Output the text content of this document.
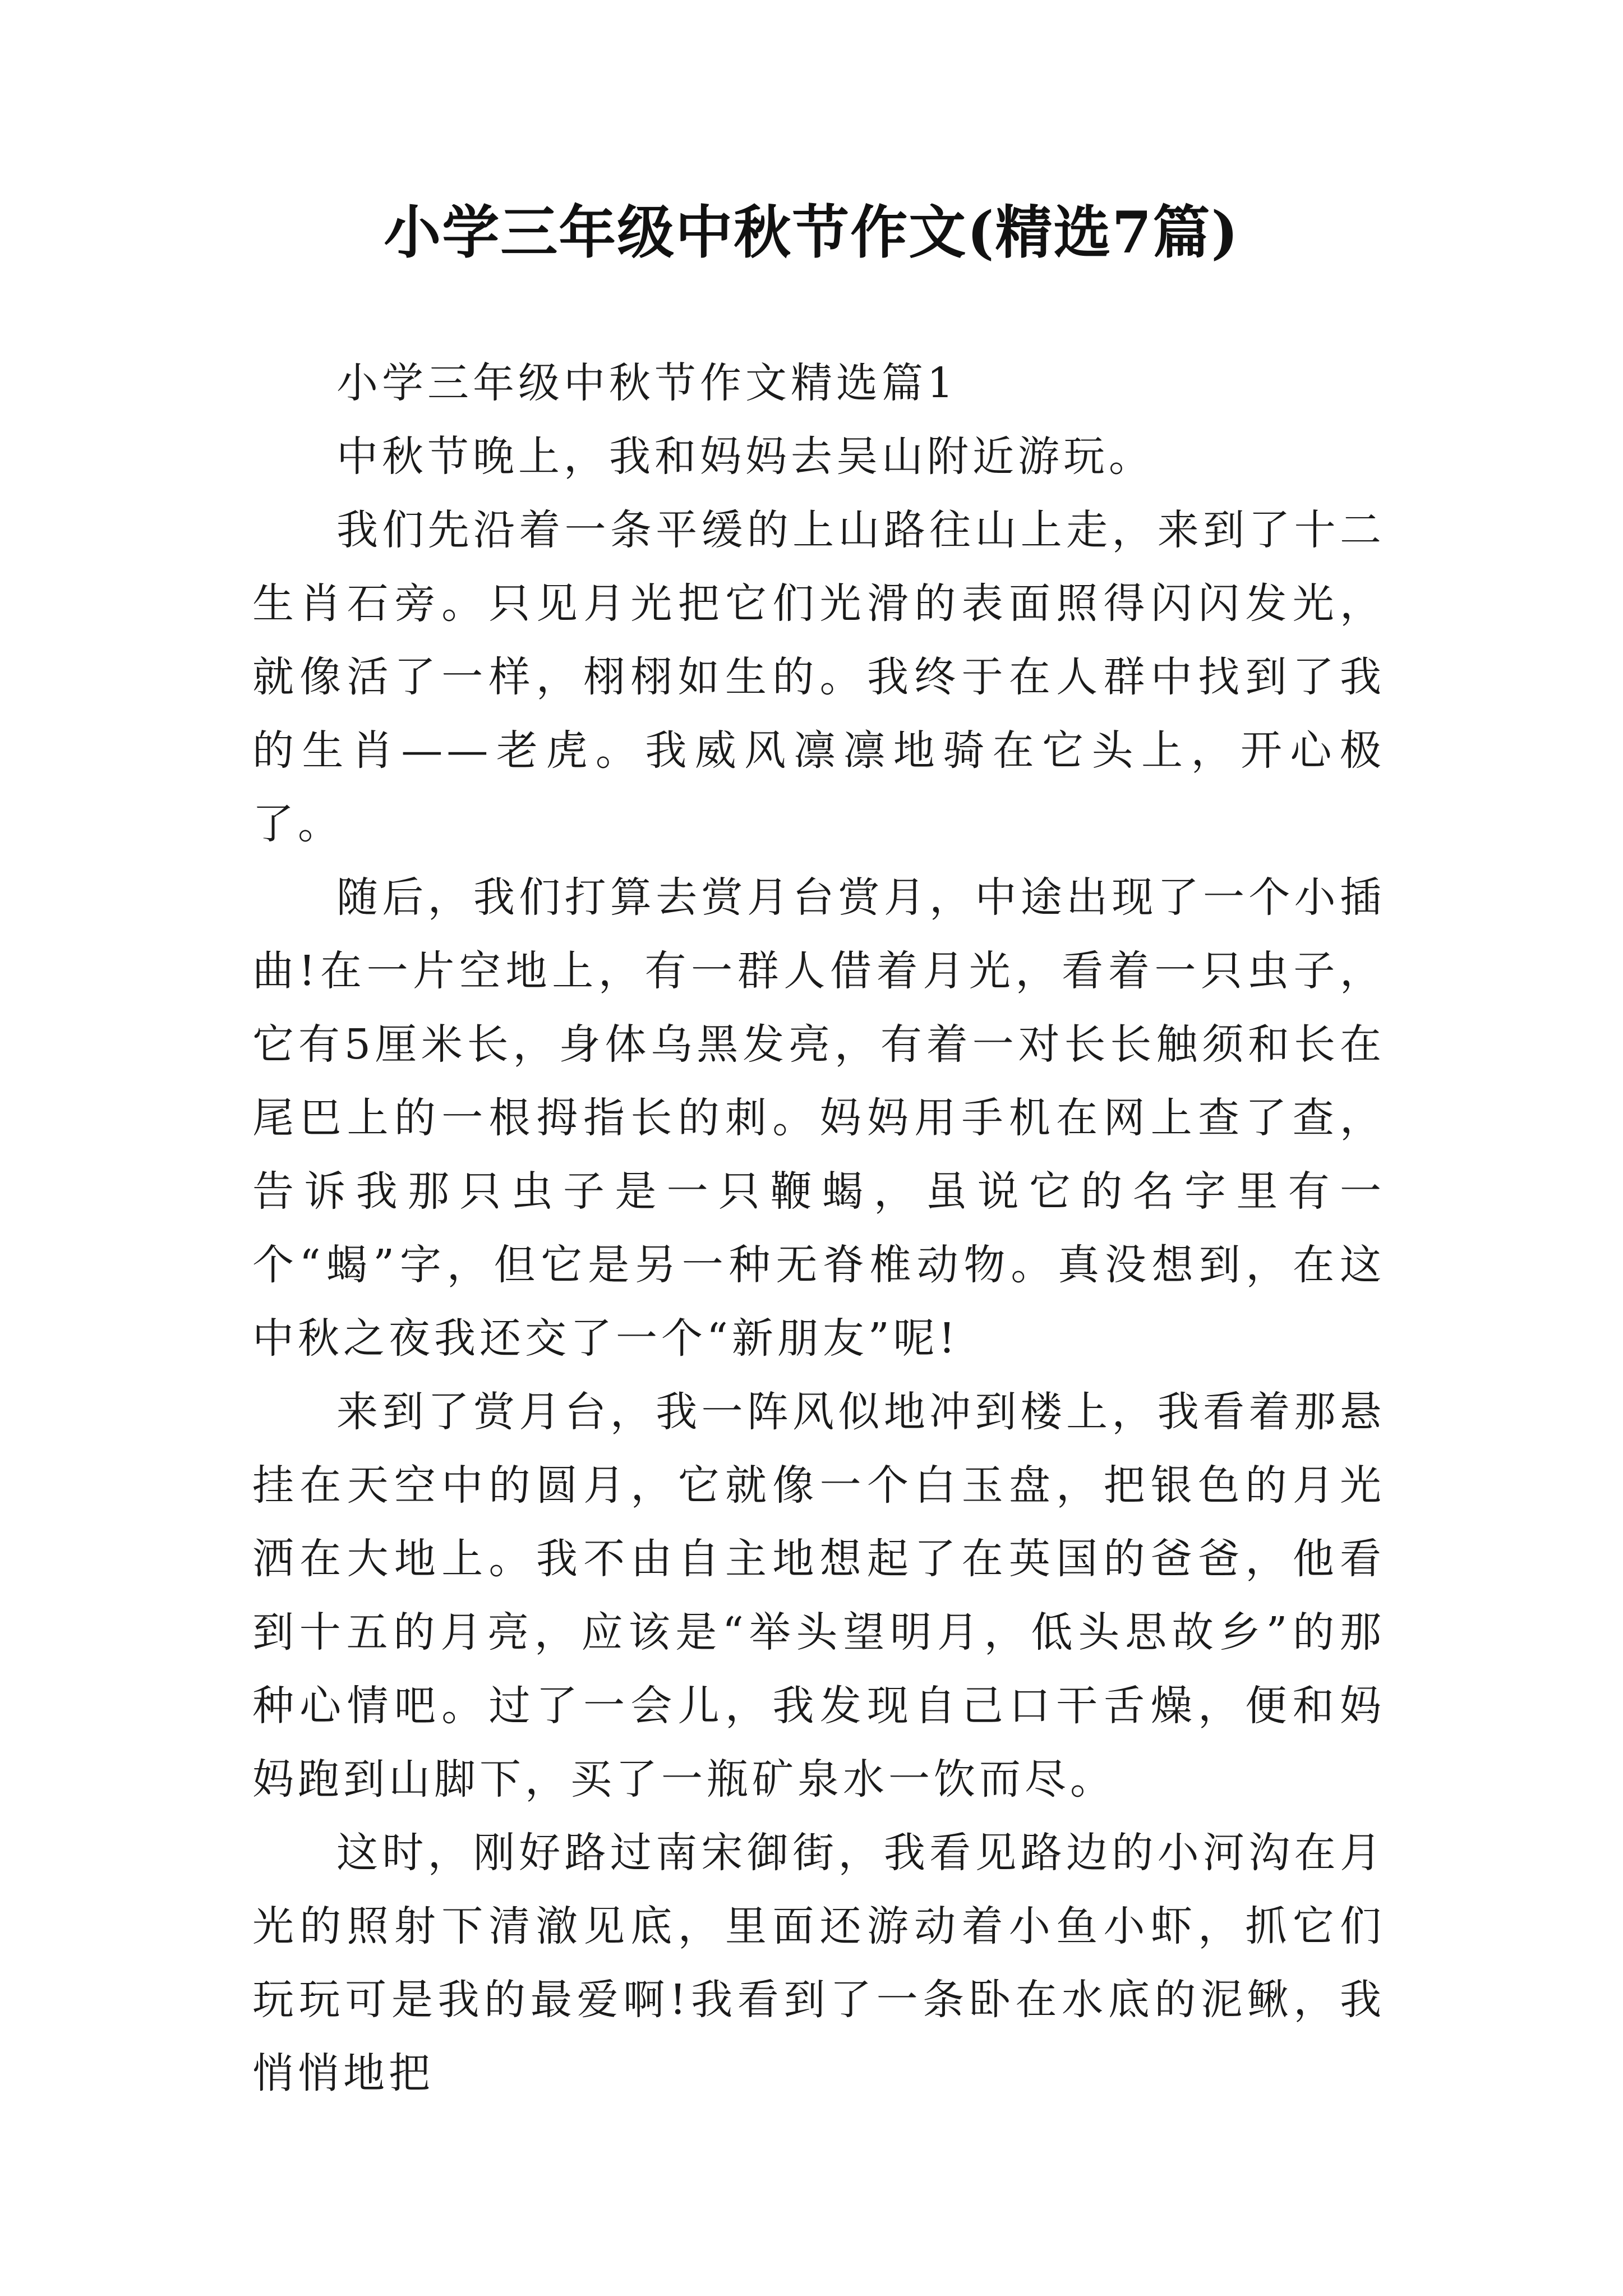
小学三年级中秋节作文(精选7篇)

小学三年级中秋节作文精选篇1

中秋节晚上，我和妈妈去吴山附近游玩。

我们先沿着一条平缓的上山路往山上走，来到了十二生肖石旁。只见月光把它们光滑的表面照得闪闪发光，就像活了一样，栩栩如生的。我终于在人群中找到了我的生肖——老虎。我威风凛凛地骑在它头上，开心极了。

随后，我们打算去赏月台赏月，中途出现了一个小插曲!在一片空地上，有一群人借着月光，看着一只虫子，它有5厘米长，身体乌黑发亮，有着一对长长触须和长在尾巴上的一根拇指长的刺。妈妈用手机在网上查了查，告诉我那只虫子是一只鞭蝎，虽说它的名字里有一个“蝎”字，但它是另一种无脊椎动物。真没想到，在这中秋之夜我还交了一个“新朋友”呢!

来到了赏月台，我一阵风似地冲到楼上，我看着那悬挂在天空中的圆月，它就像一个白玉盘，把银色的月光洒在大地上。我不由自主地想起了在英国的爸爸，他看到十五的月亮，应该是“举头望明月，低头思故乡”的那种心情吧。过了一会儿，我发现自己口干舌燥，便和妈妈跑到山脚下，买了一瓶矿泉水一饮而尽。

这时，刚好路过南宋御街，我看见路边的小河沟在月光的照射下清澈见底，里面还游动着小鱼小虾，抓它们玩玩可是我的最爱啊!我看到了一条卧在水底的泥鳅，我悄悄地把
